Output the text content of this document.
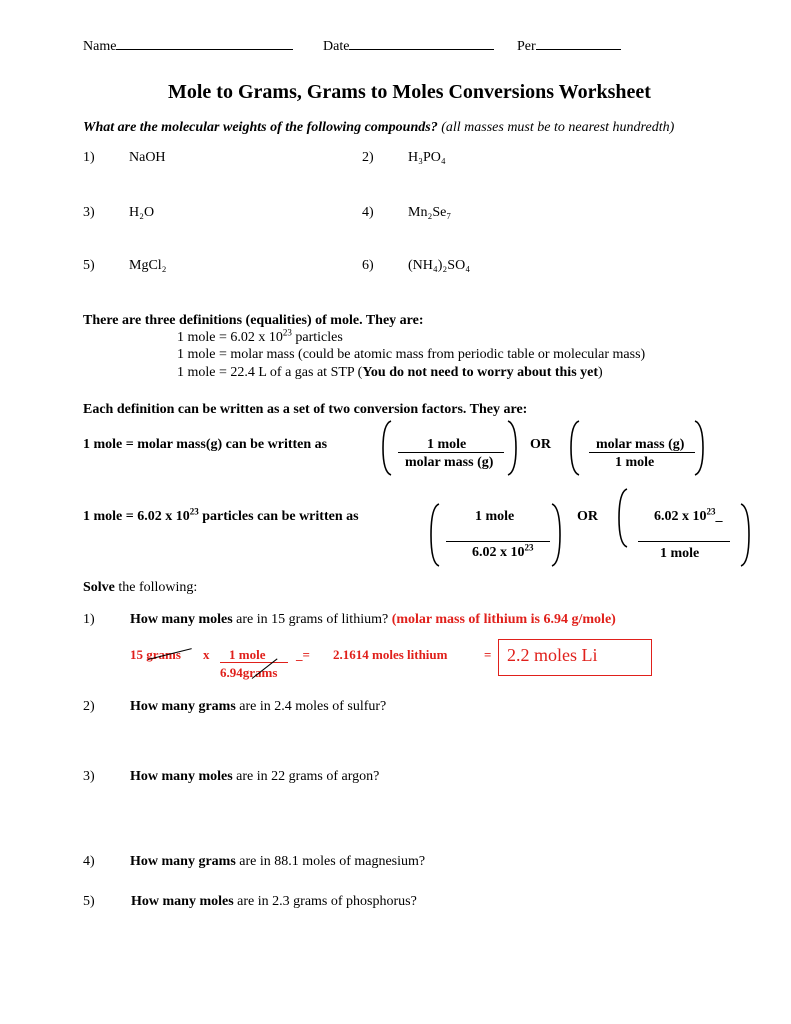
Name	Date	Per
Mole to Grams, Grams to Moles Conversions Worksheet
What are the molecular weights of the following compounds? (all masses must be to nearest hundredth)
1) NaOH	2) H₃PO₄
3) H₂O	4) Mn₂Se₇
5) MgCl₂	6) (NH₄)₂SO₄
There are three definitions (equalities) of mole. They are:
1 mole = 6.02 x $10^{23}$ particles
1 mole = molar mass (could be atomic mass from periodic table or molecular mass)
1 mole = 22.4 L of a gas at STP (You do not need to worry about this yet)
Each definition can be written as a set of two conversion factors. They are:
1 mole = molar mass(g) can be written as	1 mole
molar mass (g)
OR	molar mass (g)
1 mole
1 mole = 6.02 x $10^{23}$ particles can be written as	1 mole
6.02 x $10^{23}$
OR	6.02 x $10^{23}\_$
1 mole
Solve the following:
1)	How many moles are in 15 grams of lithium? (molar mass of lithium is 6.94 g/mole)
15 grams x 1 mole
6.94grams
_= 2.1614 moles lithium	= 2.2 moles Li
2)	How many grams are in 2.4 moles of sulfur?
3)	How many moles are in 22 grams of argon?
4)	How many grams are in 88.1 moles of magnesium?
5)	How many moles are in 2.3 grams of phosphorus?
